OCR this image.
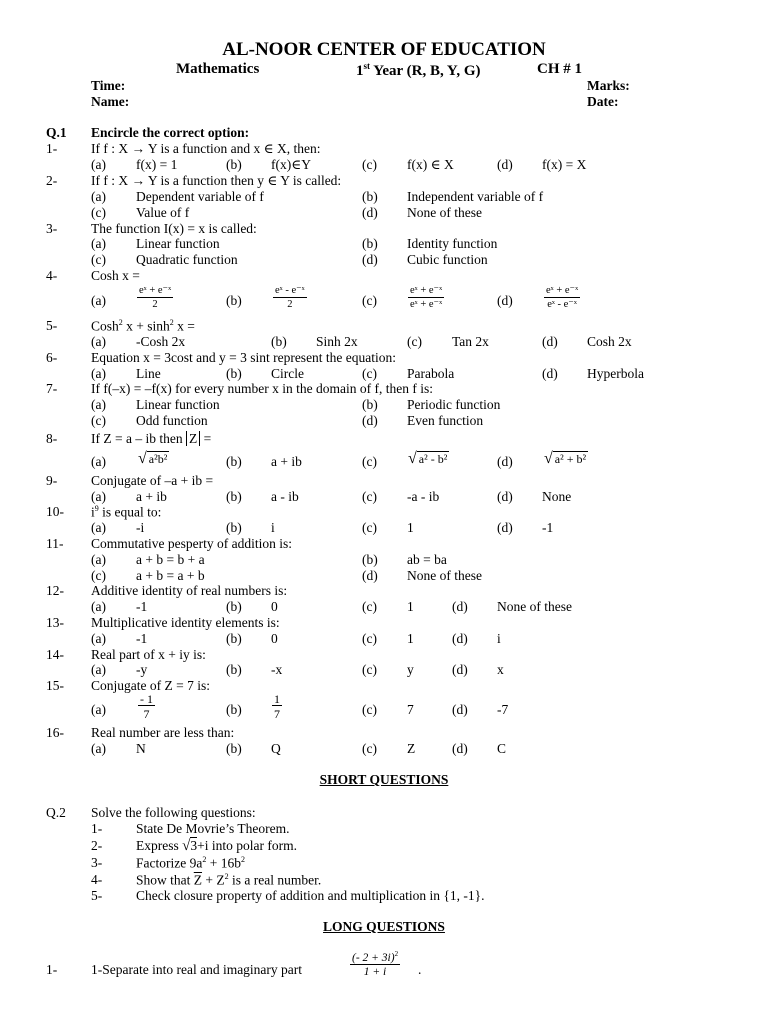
AL-NOOR CENTER OF EDUCATION
Mathematics	1st Year (R, B, Y, G)	CH # 1
Time:	Marks:
Name:	Date:
Q.1 Encircle the correct option:
1-	If f : X → Y is a function and x ∈ X, then:
(a) f(x) = 1	(b) f(x)∈Y	(c) f(x) ∈ X	(d) f(x) = X
2-	If f : X → Y is a function then y ∈ Y is called:
(a) Dependent variable of f	(b) Independent variable of f
(c) Value of f	(d) None of these
3-	The function I(x) = x is called:
(a) Linear function	(b) Identity function
(c) Quadratic function	(d) Cubic function
4-	Cosh x =
(a)	$\frac{\text{eˣ + e⁻ˣ}}{2}$	(b)	$\frac{\text{eˣ - e⁻ˣ}}{2}$	(c)	$\frac{\text{eˣ + e⁻ˣ}}{\text{eˣ + e⁻ˣ}}$	(d)	$\frac{\text{eˣ + e⁻ˣ}}{\text{eˣ - e⁻ˣ}}$
5-	Cosh$^2$ $x + \sinh^2 x$ =
(a) -Cosh 2x	(b) Sinh 2x	(c) Tan 2x	(d) Cosh 2x
6-	Equation x = 3cost and y = 3 sint represent the equation:
(a) Line	(b) Circle	(c) Parabola	(d) Hyperbola
7-	If f(–x) = –f(x) for every number x in the domain of f, then f is:
(a) Linear function	(b) Periodic function
(c) Odd function	(d) Even function
8-	If Z = a – ib then Z =
(a) √ a²b²	(b) a + ib	(c) √ a² - b²	(d) √ a² + b²
9-	Conjugate of –a + ib =
(a) a + ib	(b) a - ib	(c) -a - ib	(d) None
10- $i^9$ is equal to:
(a) -i	(b) i	(c) 1	(d) -1
11- Commutative pesperty of addition is:
(a) a + b = b + a	(b) ab = ba
(c) a + b = a + b	(d) None of these
12- Additive identity of real numbers is:
(a) -1	(b) 0	(c) 1	(d) None of these
13- Multiplicative identity elements is:
(a) -1	(b) 0	(c) 1	(d) i
14- Real part of x + iy is:
(a) -y	(b) -x	(c) y	(d) x
15- Conjugate of Z = 7 is:
(a)	$\frac{- 1}{7}$	(b)	$\frac{1}{7}$	(c) 7	(d) -7
16- Real number are less than:
(a) N	(b) Q	(c) Z	(d) C
SHORT QUESTIONS
Q.2 Solve the following questions:
1-	State De Movrie’s Theorem.
2-	Express √3+i into polar form.
3-	Factorize $9a^2 + 16b^2$
4-	Show that $\overline{Z} + Z^2$ is a real number.
5-	Check closure property of addition and multiplication in {1, -1}.
LONG QUESTIONS
1-	1-Separate into real and imaginary part	$\frac{(- 2 + 3i)^2}{1 + i}$ .
